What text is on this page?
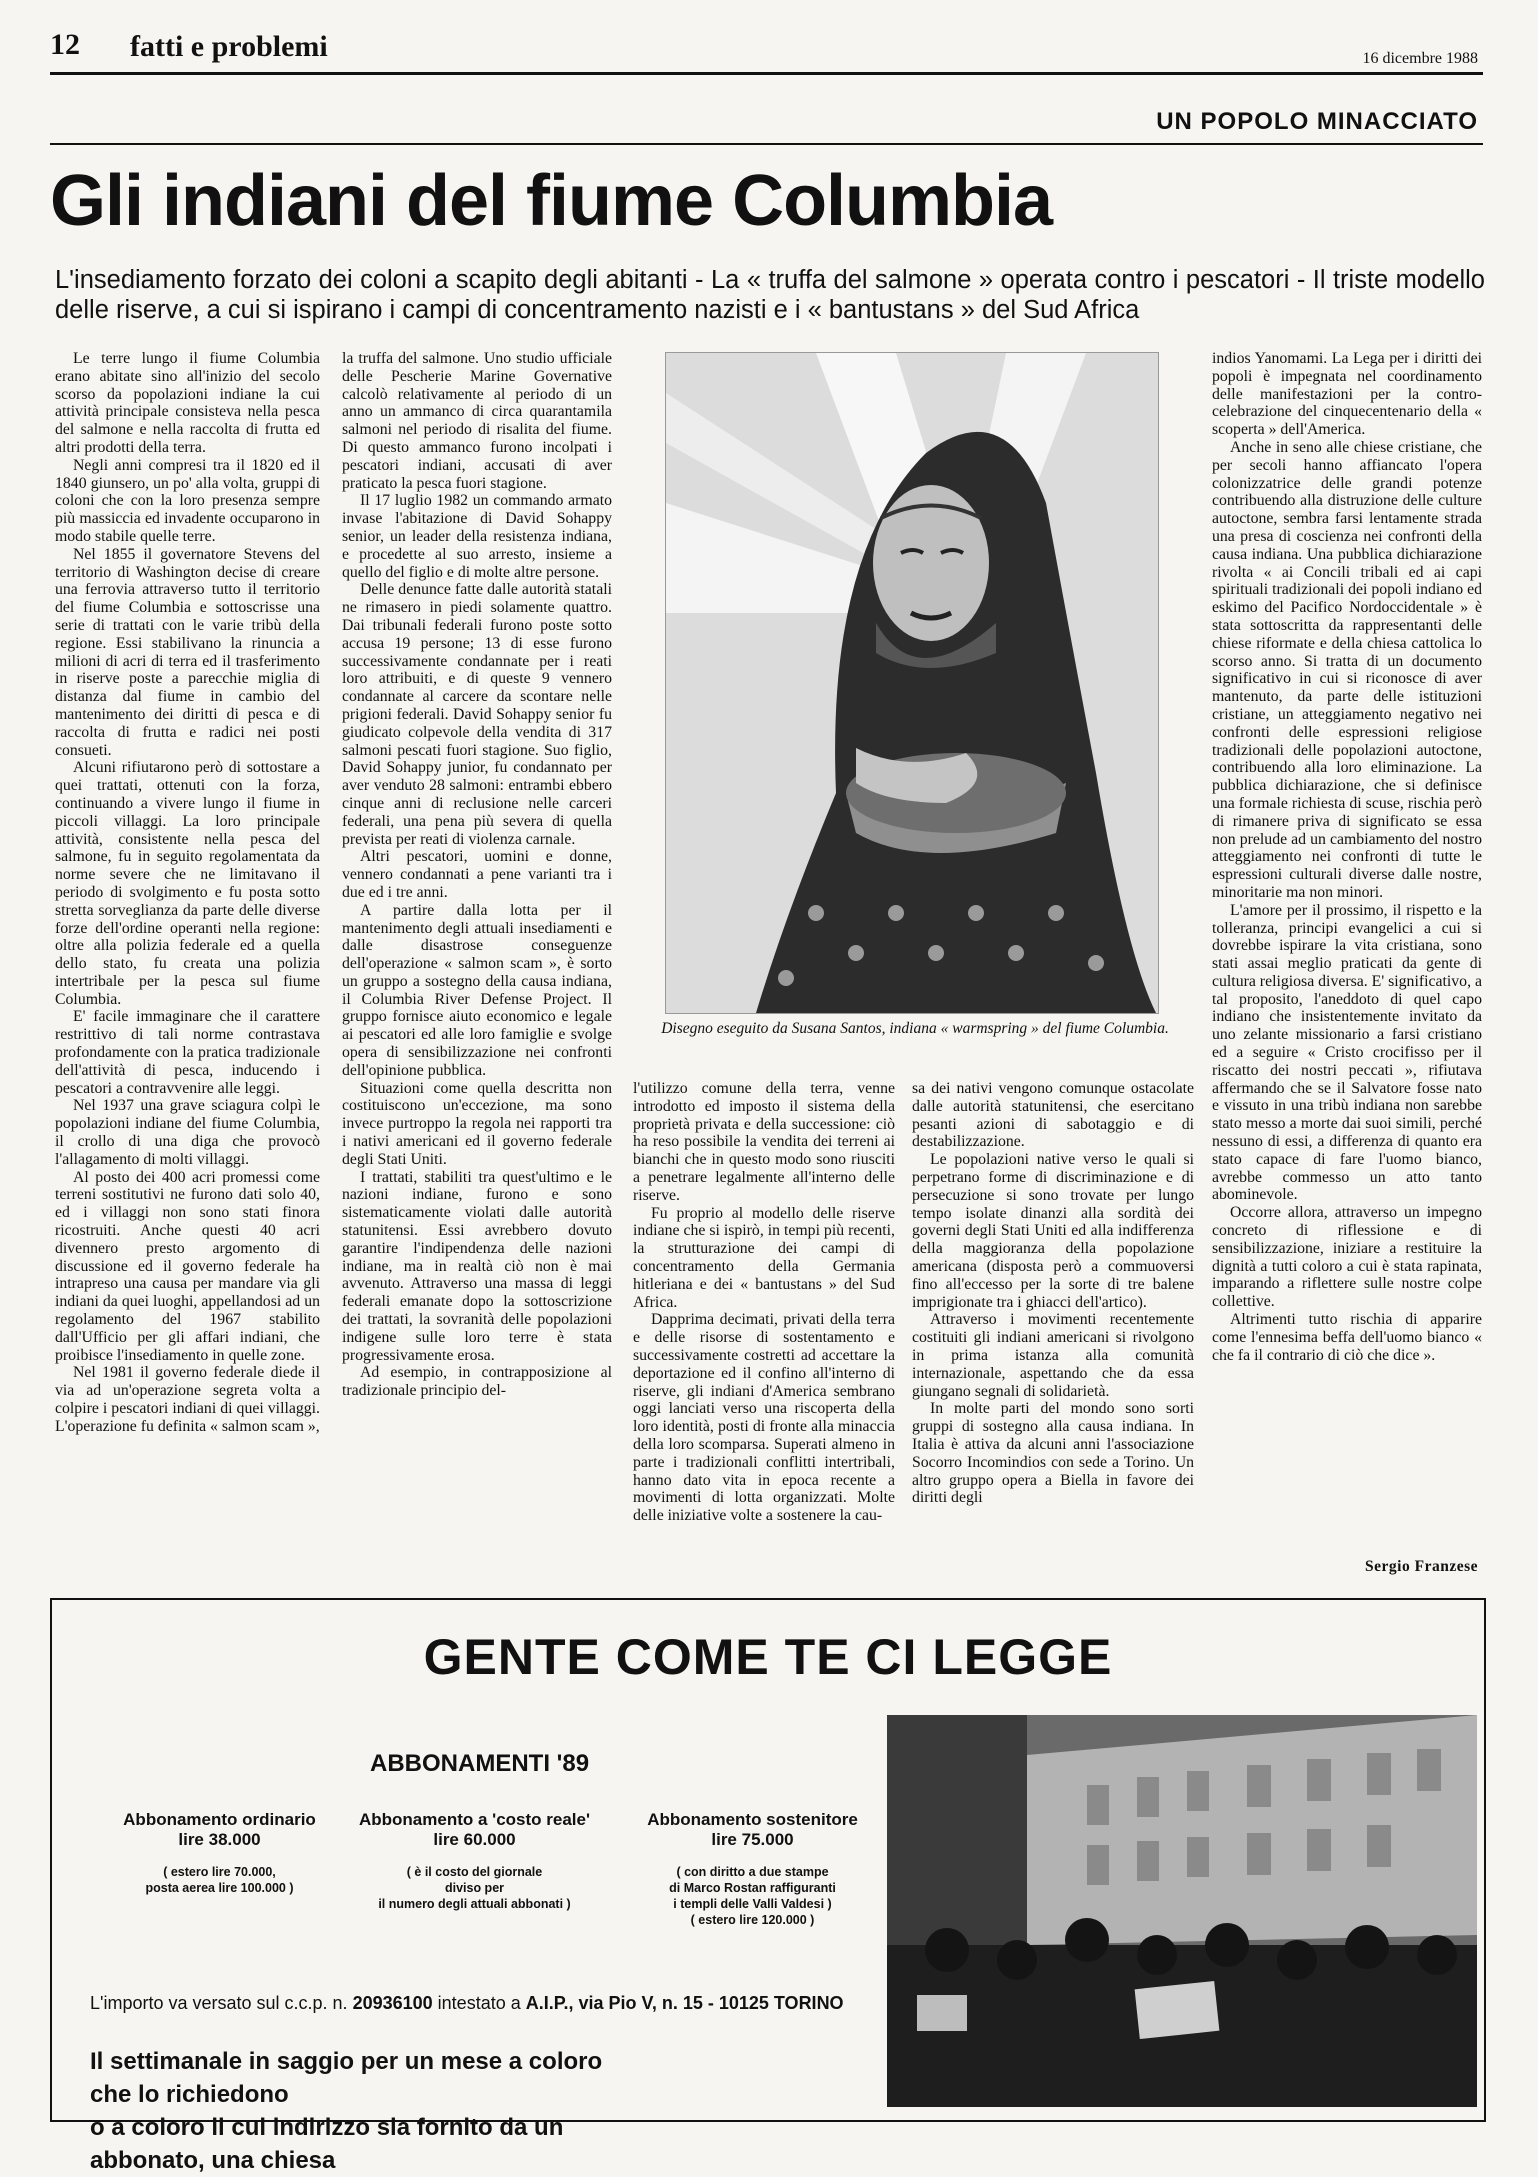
12 fatti e problemi	16 dicembre 1988
UN POPOLO MINACCIATO
Gli indiani del fiume Columbia
L'insediamento forzato dei coloni a scapito degli abitanti - La « truffa del salmone » operata contro i pescatori - Il triste modello delle riserve, a cui si ispirano i campi di concentramento nazisti e i « bantustans » del Sud Africa

Le terre lungo il fiume Columbia erano abitate sino all'inizio del secolo scorso da popolazioni indiane la cui attività principale consisteva nella pesca del salmone e nella raccolta di frutta ed altri prodotti della terra.

Negli anni compresi tra il 1820 ed il 1840 giunsero, un po' alla volta, gruppi di coloni che con la loro presenza sempre più massiccia ed invadente occuparono in modo stabile quelle terre.

Nel 1855 il governatore Stevens del territorio di Washington decise di creare una ferrovia attraverso tutto il territorio del fiume Columbia e sottoscrisse una serie di trattati con le varie tribù della regione. Essi stabilivano la rinuncia a milioni di acri di terra ed il trasferimento in riserve poste a parecchie miglia di distanza dal fiume in cambio del mantenimento dei diritti di pesca e di raccolta di frutta e radici nei posti consueti.

Alcuni rifiutarono però di sottostare a quei trattati, ottenuti con la forza, continuando a vivere lungo il fiume in piccoli villaggi. La loro principale attività, consistente nella pesca del salmone, fu in seguito regolamentata da norme severe che ne limitavano il periodo di svolgimento e fu posta sotto stretta sorveglianza da parte delle diverse forze dell'ordine operanti nella regione: oltre alla polizia federale ed a quella dello stato, fu creata una polizia intertribale per la pesca sul fiume Columbia.

E' facile immaginare che il carattere restrittivo di tali norme contrastava profondamente con la pratica tradizionale dell'attività di pesca, inducendo i pescatori a contravvenire alle leggi.

Nel 1937 una grave sciagura colpì le popolazioni indiane del fiume Columbia, il crollo di una diga che provocò l'allagamento di molti villaggi.

Al posto dei 400 acri promessi come terreni sostitutivi ne furono dati solo 40, ed i villaggi non sono stati finora ricostruiti. Anche questi 40 acri divennero presto argomento di discussione ed il governo federale ha intrapreso una causa per mandare via gli indiani da quei luoghi, appellandosi ad un regolamento del 1967 stabilito dall'Ufficio per gli affari indiani, che proibisce l'insediamento in quelle zone.

Nel 1981 il governo federale diede il via ad un'operazione segreta volta a colpire i pescatori indiani di quei villaggi. L'operazione fu definita « salmon scam »,

la truffa del salmone. Uno studio ufficiale delle Pescherie Marine Governative calcolò relativamente al periodo di un anno un ammanco di circa quarantamila salmoni nel periodo di risalita del fiume. Di questo ammanco furono incolpati i pescatori indiani, accusati di aver praticato la pesca fuori stagione.

Il 17 luglio 1982 un commando armato invase l'abitazione di David Sohappy senior, un leader della resistenza indiana, e procedette al suo arresto, insieme a quello del figlio e di molte altre persone.

Delle denunce fatte dalle autorità statali ne rimasero in piedi solamente quattro. Dai tribunali federali furono poste sotto accusa 19 persone; 13 di esse furono successivamente condannate per i reati loro attribuiti, e di queste 9 vennero condannate al carcere da scontare nelle prigioni federali. David Sohappy senior fu giudicato colpevole della vendita di 317 salmoni pescati fuori stagione. Suo figlio, David Sohappy junior, fu condannato per aver venduto 28 salmoni: entrambi ebbero cinque anni di reclusione nelle carceri federali, una pena più severa di quella prevista per reati di violenza carnale.

Altri pescatori, uomini e donne, vennero condannati a pene varianti tra i due ed i tre anni.

A partire dalla lotta per il mantenimento degli attuali insediamenti e dalle disastrose conseguenze dell'operazione « salmon scam », è sorto un gruppo a sostegno della causa indiana, il Columbia River Defense Project. Il gruppo fornisce aiuto economico e legale ai pescatori ed alle loro famiglie e svolge opera di sensibilizzazione nei confronti dell'opinione pubblica.

Situazioni come quella descritta non costituiscono un'eccezione, ma sono invece purtroppo la regola nei rapporti tra i nativi americani ed il governo federale degli Stati Uniti.

I trattati, stabiliti tra quest'ultimo e le nazioni indiane, furono e sono sistematicamente violati dalle autorità statunitensi. Essi avrebbero dovuto garantire l'indipendenza delle nazioni indiane, ma in realtà ciò non è mai avvenuto. Attraverso una massa di leggi federali emanate dopo la sottoscrizione dei trattati, la sovranità delle popolazioni indigene sulle loro terre è stata progressivamente erosa.

Ad esempio, in contrapposizione al tradizionale principio del-

Disegno eseguito da Susana Santos, indiana « warmspring » del fiume Columbia.

l'utilizzo comune della terra, venne introdotto ed imposto il sistema della proprietà privata e della successione: ciò ha reso possibile la vendita dei terreni ai bianchi che in questo modo sono riusciti a penetrare legalmente all'interno delle riserve.

Fu proprio al modello delle riserve indiane che si ispirò, in tempi più recenti, la strutturazione dei campi di concentramento della Germania hitleriana e dei « bantustans » del Sud Africa.

Dapprima decimati, privati della terra e delle risorse di sostentamento e successivamente costretti ad accettare la deportazione ed il confino all'interno di riserve, gli indiani d'America sembrano oggi lanciati verso una riscoperta della loro identità, posti di fronte alla minaccia della loro scomparsa. Superati almeno in parte i tradizionali conflitti intertribali, hanno dato vita in epoca recente a movimenti di lotta organizzati. Molte delle iniziative volte a sostenere la cau-

sa dei nativi vengono comunque ostacolate dalle autorità statunitensi, che esercitano pesanti azioni di sabotaggio e di destabilizzazione.

Le popolazioni native verso le quali si perpetrano forme di discriminazione e di persecuzione si sono trovate per lungo tempo isolate dinanzi alla sordità dei governi degli Stati Uniti ed alla indifferenza della maggioranza della popolazione americana (disposta però a commuoversi fino all'eccesso per la sorte di tre balene imprigionate tra i ghiacci dell'artico).

Attraverso i movimenti recentemente costituiti gli indiani americani si rivolgono in prima istanza alla comunità internazionale, aspettando che da essa giungano segnali di solidarietà.

In molte parti del mondo sono sorti gruppi di sostegno alla causa indiana. In Italia è attiva da alcuni anni l'associazione Socorro Incomindios con sede a Torino. Un altro gruppo opera a Biella in favore dei diritti degli

indios Yanomami. La Lega per i diritti dei popoli è impegnata nel coordinamento delle manifestazioni per la contro-celebrazione del cinquecentenario della « scoperta » dell'America.

Anche in seno alle chiese cristiane, che per secoli hanno affiancato l'opera colonizzatrice delle grandi potenze contribuendo alla distruzione delle culture autoctone, sembra farsi lentamente strada una presa di coscienza nei confronti della causa indiana. Una pubblica dichiarazione rivolta « ai Concili tribali ed ai capi spirituali tradizionali dei popoli indiano ed eskimo del Pacifico Nordoccidentale » è stata sottoscritta da rappresentanti delle chiese riformate e della chiesa cattolica lo scorso anno. Si tratta di un documento significativo in cui si riconosce di aver mantenuto, da parte delle istituzioni cristiane, un atteggiamento negativo nei confronti delle espressioni religiose tradizionali delle popolazioni autoctone, contribuendo alla loro eliminazione. La pubblica dichiarazione, che si definisce una formale richiesta di scuse, rischia però di rimanere priva di significato se essa non prelude ad un cambiamento del nostro atteggiamento nei confronti di tutte le espressioni culturali diverse dalle nostre, minoritarie ma non minori.

L'amore per il prossimo, il rispetto e la tolleranza, principi evangelici a cui si dovrebbe ispirare la vita cristiana, sono stati assai meglio praticati da gente di cultura religiosa diversa. E' significativo, a tal proposito, l'aneddoto di quel capo indiano che insistentemente invitato da uno zelante missionario a farsi cristiano ed a seguire « Cristo crocifisso per il riscatto dei nostri peccati », rifiutava affermando che se il Salvatore fosse nato e vissuto in una tribù indiana non sarebbe stato messo a morte dai suoi simili, perché nessuno di essi, a differenza di quanto era stato capace di fare l'uomo bianco, avrebbe commesso un atto tanto abominevole.

Occorre allora, attraverso un impegno concreto di riflessione e di sensibilizzazione, iniziare a restituire la dignità a tutti coloro a cui è stata rapinata, imparando a riflettere sulle nostre colpe collettive.

Altrimenti tutto rischia di apparire come l'ennesima beffa dell'uomo bianco « che fa il contrario di ciò che dice ».

Sergio Franzese
GENTE COME TE CI LEGGE
ABBONAMENTI '89
Abbonamento ordinario
lire 38.000
( estero lire 70.000,
posta aerea lire 100.000 )
Abbonamento a 'costo reale'
lire 60.000
( è il costo del giornale
diviso per
il numero degli attuali abbonati )
Abbonamento sostenitore
lire 75.000
( con diritto a due stampe
di Marco Rostan raffiguranti
i templi delle Valli Valdesi )
( estero lire 120.000 )
L'importo va versato sul c.c.p. n. 20936100 intestato a A.I.P., via Pio V, n. 15 - 10125 TORINO
Il settimanale in saggio per un mese a coloro che lo richiedono
o a coloro il cui indirizzo sia fornito da un abbonato, una chiesa
